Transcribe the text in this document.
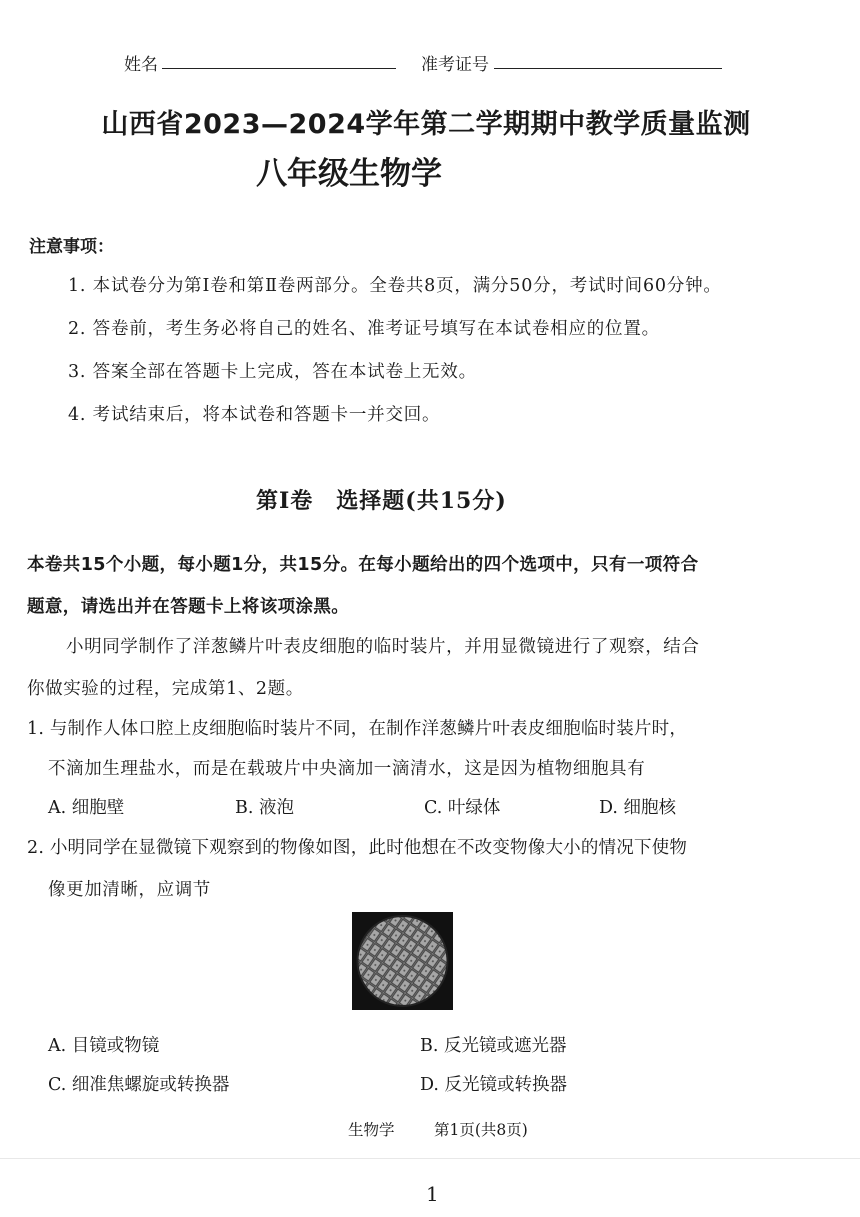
姓名	准考证号
山西省2023—2024学年第二学期期中教学质量监测
八年级生物学
注意事项：
1. 本试卷分为第Ⅰ卷和第Ⅱ卷两部分。全卷共8页，满分50分，考试时间60分钟。
2. 答卷前，考生务必将自己的姓名、准考证号填写在本试卷相应的位置。
3. 答案全部在答题卡上完成，答在本试卷上无效。
4. 考试结束后，将本试卷和答题卡一并交回。
第Ⅰ卷　选择题(共15分)
本卷共15个小题，每小题1分，共15分。在每小题给出的四个选项中，只有一项符合
题意，请选出并在答题卡上将该项涂黑。
小明同学制作了洋葱鳞片叶表皮细胞的临时装片，并用显微镜进行了观察，结合
你做实验的过程，完成第1、2题。
1. 与制作人体口腔上皮细胞临时装片不同，在制作洋葱鳞片叶表皮细胞临时装片时，
不滴加生理盐水，而是在载玻片中央滴加一滴清水，这是因为植物细胞具有
A. 细胞壁	B. 液泡	C. 叶绿体	D. 细胞核
2. 小明同学在显微镜下观察到的物像如图，此时他想在不改变物像大小的情况下使物
像更加清晰，应调节
A. 目镜或物镜	B. 反光镜或遮光器
C. 细准焦螺旋或转换器	D. 反光镜或转换器
生物学	第1页(共8页)
1
